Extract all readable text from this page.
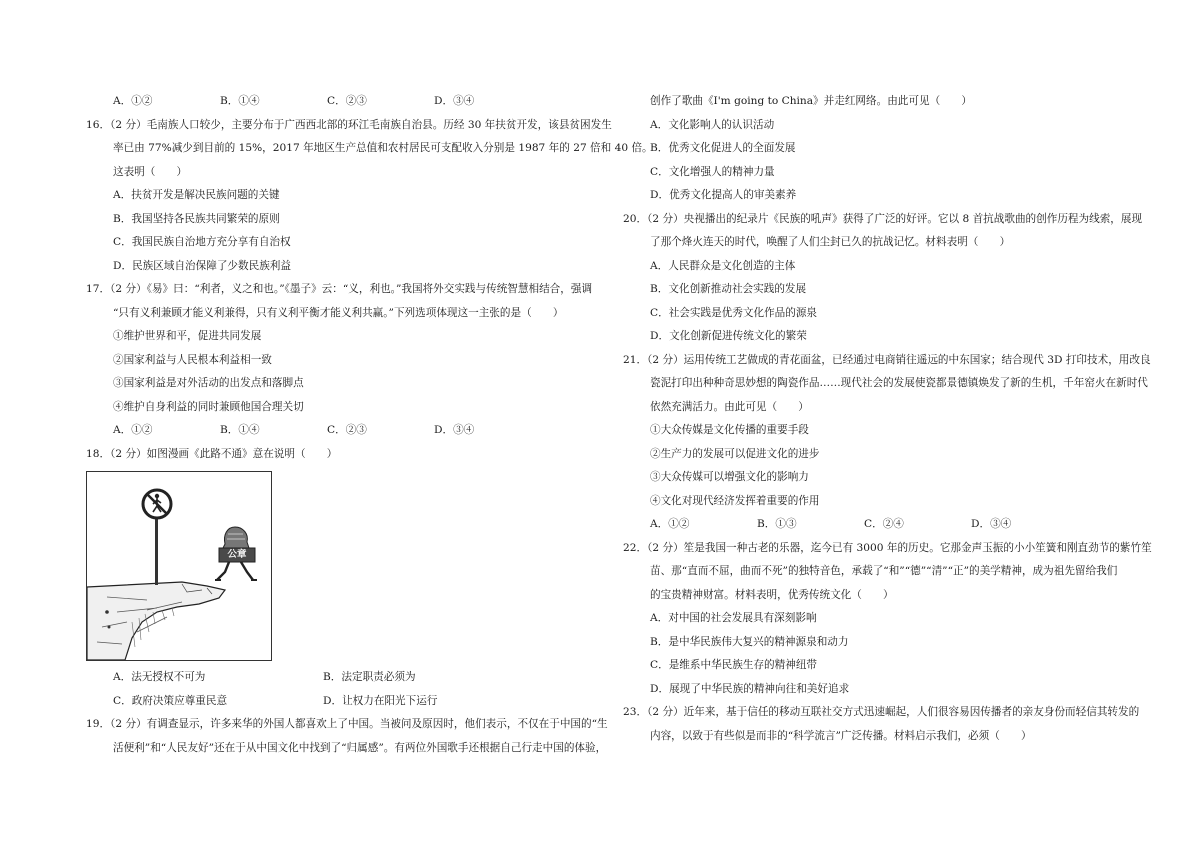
A．①②	B．①④	C．②③	D．③④
16．（2 分）毛南族人口较少，主要分布于广西西北部的环江毛南族自治县。历经 30 年扶贫开发，该县贫困发生
率已由 77%减少到目前的 15%，2017 年地区生产总值和农村居民可支配收入分别是 1987 年的 27 倍和 40 倍。
这表明（　　）
A．扶贫开发是解决民族问题的关键
B．我国坚持各民族共同繁荣的原则
C．我国民族自治地方充分享有自治权
D．民族区域自治保障了少数民族利益
17．（2 分）《易》曰：“利者，义之和也。”《墨子》云：“义，利也。”我国将外交实践与传统智慧相结合，强调
“只有义利兼顾才能义利兼得，只有义利平衡才能义利共赢。”下列选项体现这一主张的是（　　）
①维护世界和平，促进共同发展
②国家利益与人民根本利益相一致
③国家利益是对外活动的出发点和落脚点
④维护自身利益的同时兼顾他国合理关切
A．①②	B．①④	C．②③	D．③④
18．（2 分）如图漫画《此路不通》意在说明（　　）
公章
A．法无授权不可为	B．法定职责必须为
C．政府决策应尊重民意	D．让权力在阳光下运行
19．（2 分）有调查显示，许多来华的外国人都喜欢上了中国。当被问及原因时，他们表示，不仅在于中国的“生
活便利”和“人民友好”还在于从中国文化中找到了“归属感”。有两位外国歌手还根据自己行走中国的体验，
创作了歌曲《I'm going to China》并走红网络。由此可见（　　）
A．文化影响人的认识活动
B．优秀文化促进人的全面发展
C．文化增强人的精神力量
D．优秀文化提高人的审美素养
20．（2 分）央视播出的纪录片《民族的吼声》获得了广泛的好评。它以 8 首抗战歌曲的创作历程为线索，展现
了那个烽火连天的时代，唤醒了人们尘封已久的抗战记忆。材料表明（　　）
A．人民群众是文化创造的主体
B．文化创新推动社会实践的发展
C．社会实践是优秀文化作品的源泉
D．文化创新促进传统文化的繁荣
21．（2 分）运用传统工艺做成的青花面盆，已经通过电商销往遥远的中东国家；结合现代 3D 打印技术，用改良
瓷泥打印出种种奇思妙想的陶瓷作品……现代社会的发展使瓷都景德镇焕发了新的生机，千年窑火在新时代
依然充满活力。由此可见（　　）
①大众传媒是文化传播的重要手段
②生产力的发展可以促进文化的进步
③大众传媒可以增强文化的影响力
④文化对现代经济发挥着重要的作用
A．①②	B．①③	C．②④	D．③④
22．（2 分）笙是我国一种古老的乐器，迄今已有 3000 年的历史。它那金声玉振的小小笙簧和刚直劲节的紫竹笙
苗、那“直而不屈，曲而不死”的独特音色，承载了“和”“德”“清”“正”的美学精神，成为祖先留给我们
的宝贵精神财富。材料表明，优秀传统文化（　　）
A．对中国的社会发展具有深刻影响
B．是中华民族伟大复兴的精神源泉和动力
C．是维系中华民族生存的精神纽带
D．展现了中华民族的精神向往和美好追求
23．（2 分）近年来，基于信任的移动互联社交方式迅速崛起，人们很容易因传播者的亲友身份而轻信其转发的
内容，以致于有些似是而非的“科学流言”广泛传播。材料启示我们，必须（　　）
